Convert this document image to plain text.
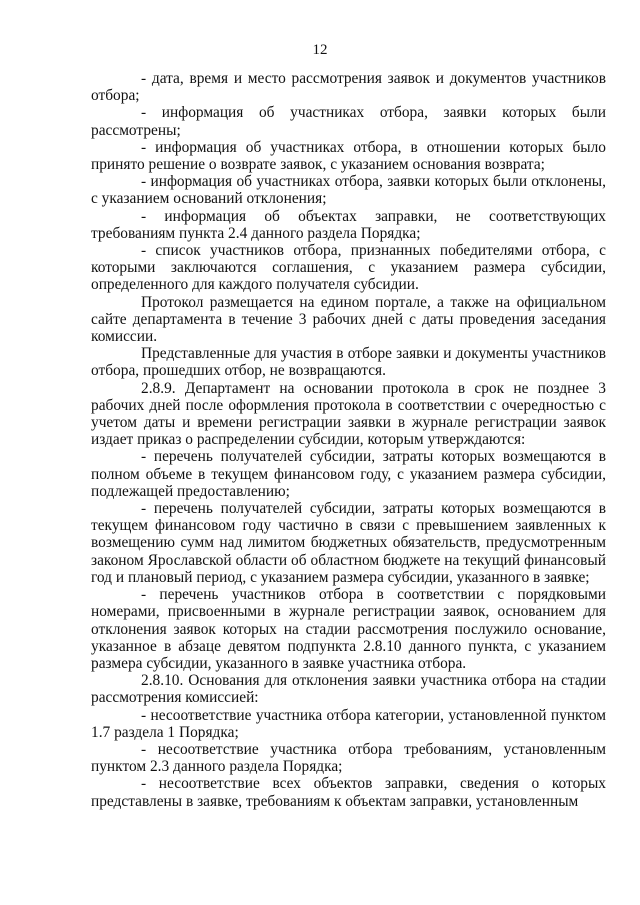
12

- дата, время и место рассмотрения заявок и документов участников отбора;

- информация об участниках отбора, заявки которых были рассмотрены;

- информация об участниках отбора, в отношении которых было принято решение о возврате заявок, с указанием основания возврата;

- информация об участниках отбора, заявки которых были отклонены, с указанием оснований отклонения;

- информация об объектах заправки, не соответствующих требованиям пункта 2.4 данного раздела Порядка;

- список участников отбора, признанных победителями отбора, с которыми заключаются соглашения, с указанием размера субсидии, определенного для каждого получателя субсидии.

Протокол размещается на едином портале, а также на официальном сайте департамента в течение 3 рабочих дней с даты проведения заседания комиссии.

Представленные для участия в отборе заявки и документы участников отбора, прошедших отбор, не возвращаются.

2.8.9. Департамент на основании протокола в срок не позднее 3 рабочих дней после оформления протокола в соответствии с очередностью с учетом даты и времени регистрации заявки в журнале регистрации заявок издает приказ о распределении субсидии, которым утверждаются:

- перечень получателей субсидии, затраты которых возмещаются в полном объеме в текущем финансовом году, с указанием размера субсидии, подлежащей предоставлению;

- перечень получателей субсидии, затраты которых возмещаются в текущем финансовом году частично в связи с превышением заявленных к возмещению сумм над лимитом бюджетных обязательств, предусмотренным законом Ярославской области об областном бюджете на текущий финансовый год и плановый период, с указанием размера субсидии, указанного в заявке;

- перечень участников отбора в соответствии с порядковыми номерами, присвоенными в журнале регистрации заявок, основанием для отклонения заявок которых на стадии рассмотрения послужило основание, указанное в абзаце девятом подпункта 2.8.10 данного пункта, с указанием размера субсидии, указанного в заявке участника отбора.

2.8.10. Основания для отклонения заявки участника отбора на стадии рассмотрения комиссией:

- несоответствие участника отбора категории, установленной пунктом 1.7 раздела 1 Порядка;

- несоответствие участника отбора требованиям, установленным пунктом 2.3 данного раздела Порядка;

- несоответствие всех объектов заправки, сведения о которых представлены в заявке, требованиям к объектам заправки, установленным
